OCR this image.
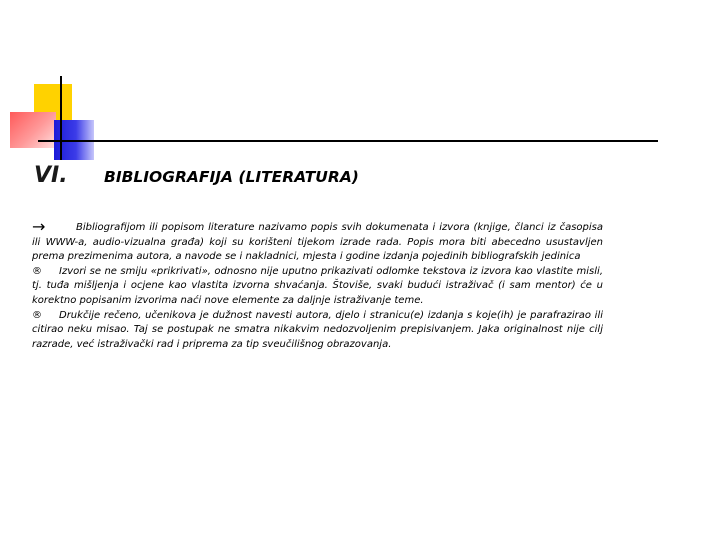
VI. BIBLIOGRAFIJA (LITERATURA)

→	Bibliografijom ili popisom literature nazivamo popis svih dokumenata i izvora (knjige, članci iz časopisa ili WWW-a, audio-vizualna građa) koji su korišteni tijekom izrade rada. Popis mora biti abecedno usustavljen prema prezimenima autora, a navode se i nakladnici, mjesta i godine izdanja pojedinih bibliografskih jedinica

® Izvori se ne smiju «prikrivati», odnosno nije uputno prikazivati odlomke tekstova iz izvora kao vlastite misli, tj. tuđa mišljenja i ocjene kao vlastita izvorna shvaćanja. Štoviše, svaki budući istraživač (i sam mentor) će u korektno popisanim izvorima naći nove elemente za daljnje istraživanje teme.

® Drukčije rečeno, učenikova je dužnost navesti autora, djelo i stranicu(e) izdanja s koje(ih) je parafrazirao ili citirao neku misao. Taj se postupak ne smatra nikakvim nedozvoljenim prepisivanjem. Jaka originalnost nije cilj razrade, već istraživački rad i priprema za tip sveučilišnog obrazovanja.
